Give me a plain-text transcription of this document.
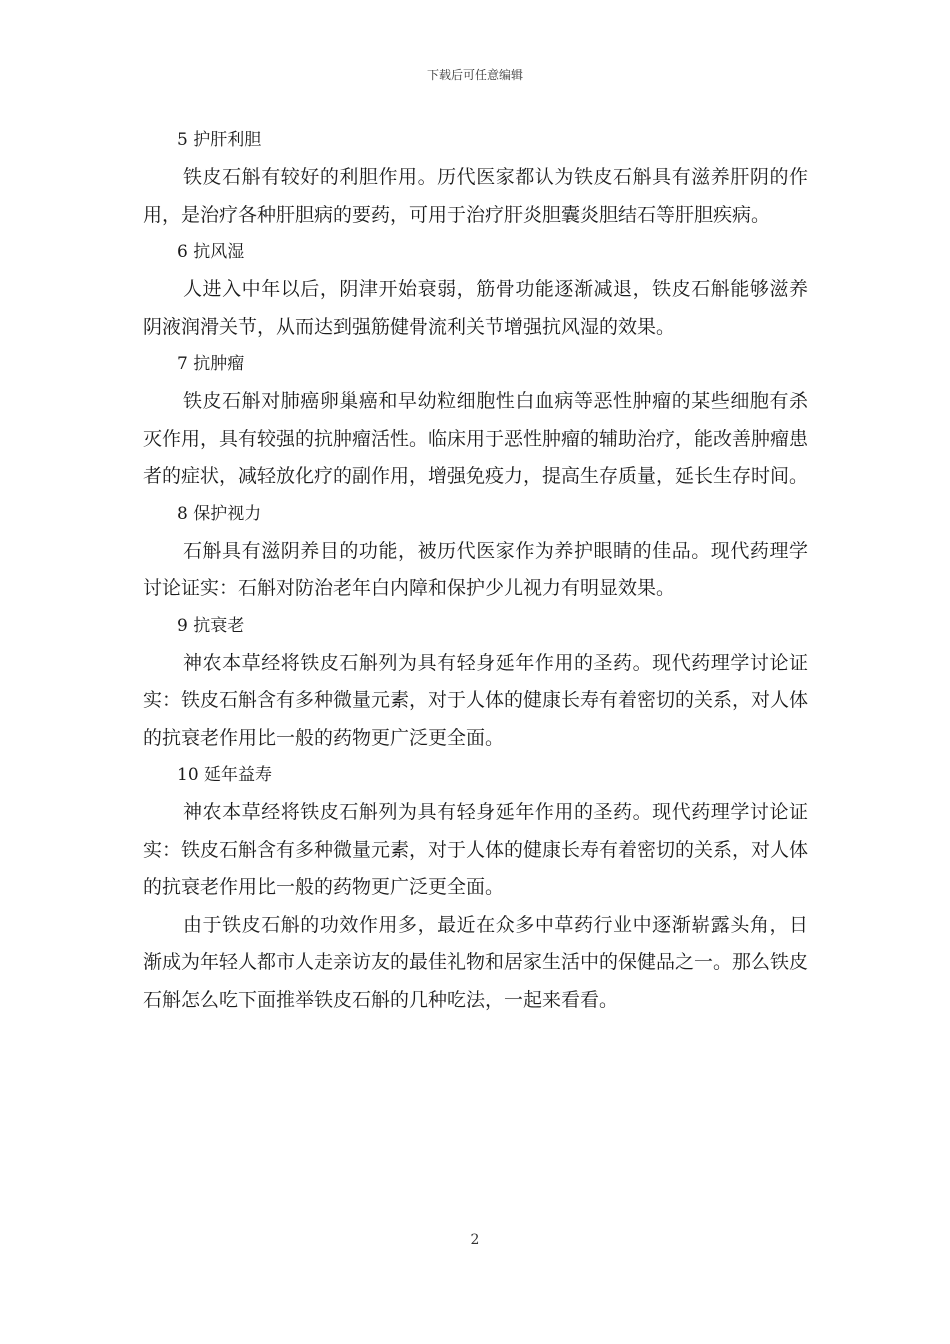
下载后可任意编辑

5 护肝利胆

铁皮石斛有较好的利胆作用。历代医家都认为铁皮石斛具有滋养肝阴的作用，是治疗各种肝胆病的要药，可用于治疗肝炎胆囊炎胆结石等肝胆疾病。

6 抗风湿

人进入中年以后，阴津开始衰弱，筋骨功能逐渐减退，铁皮石斛能够滋养阴液润滑关节，从而达到强筋健骨流利关节增强抗风湿的效果。

7 抗肿瘤

铁皮石斛对肺癌卵巢癌和早幼粒细胞性白血病等恶性肿瘤的某些细胞有杀灭作用，具有较强的抗肿瘤活性。临床用于恶性肿瘤的辅助治疗，能改善肿瘤患者的症状，减轻放化疗的副作用，增强免疫力，提高生存质量，延长生存时间。

8 保护视力

石斛具有滋阴养目的功能，被历代医家作为养护眼睛的佳品。现代药理学讨论证实：石斛对防治老年白内障和保护少儿视力有明显效果。

9 抗衰老

神农本草经将铁皮石斛列为具有轻身延年作用的圣药。现代药理学讨论证实：铁皮石斛含有多种微量元素，对于人体的健康长寿有着密切的关系，对人体的抗衰老作用比一般的药物更广泛更全面。

10 延年益寿

神农本草经将铁皮石斛列为具有轻身延年作用的圣药。现代药理学讨论证实：铁皮石斛含有多种微量元素，对于人体的健康长寿有着密切的关系，对人体的抗衰老作用比一般的药物更广泛更全面。

由于铁皮石斛的功效作用多，最近在众多中草药行业中逐渐崭露头角，日渐成为年轻人都市人走亲访友的最佳礼物和居家生活中的保健品之一。那么铁皮石斛怎么吃下面推举铁皮石斛的几种吃法，一起来看看。

2
